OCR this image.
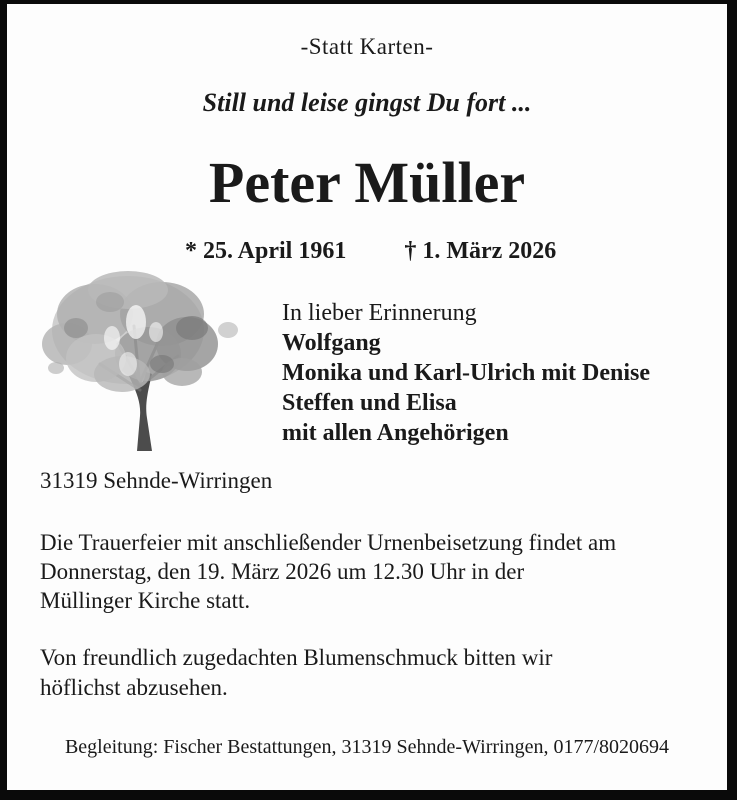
-Statt Karten-
Still und leise gingst Du fort ...
Peter Müller
* 25. April 1961 † 1. März 2026
In lieber Erinnerung
Wolfgang
Monika und Karl-Ulrich mit Denise
Steffen und Elisa
mit allen Angehörigen
31319 Sehnde-Wirringen
Die Trauerfeier mit anschließender Urnenbeisetzung findet am
Donnerstag, den 19. März 2026 um 12.30 Uhr in der
Müllinger Kirche statt.
Von freundlich zugedachten Blumenschmuck bitten wir
höflichst abzusehen.
Begleitung: Fischer Bestattungen, 31319 Sehnde-Wirringen, 0177/8020694
